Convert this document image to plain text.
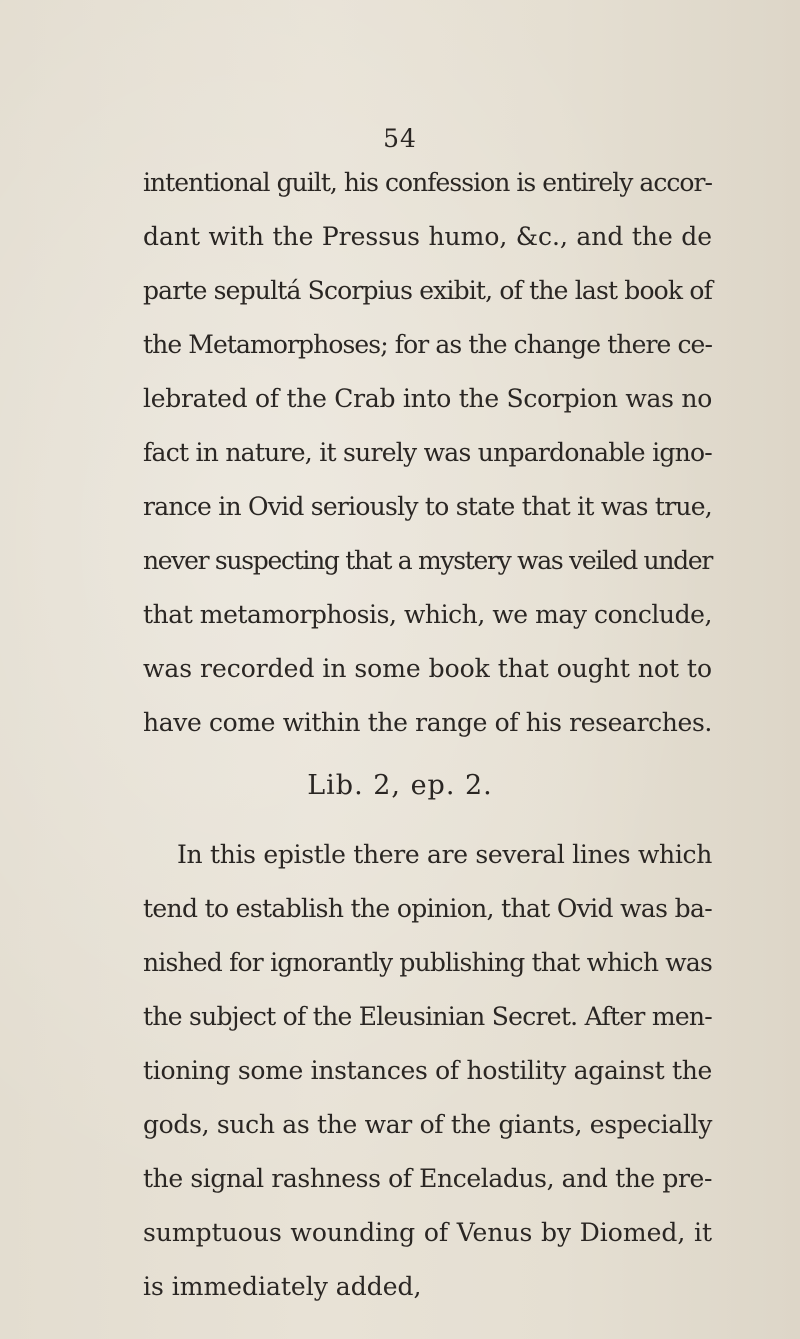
54
intentional guilt, his confession is entirely accor-
dant with the Pressus humo, &c., and the de
parte sepultá Scorpius exibit, of the last book of
the Metamorphoses; for as the change there ce-
lebrated of the Crab into the Scorpion was no
fact in nature, it surely was unpardonable igno-
rance in Ovid seriously to state that it was true,
never suspecting that a mystery was veiled under
that metamorphosis, which, we may conclude,
was recorded in some book that ought not to
have come within the range of his researches.
Lib. 2, ep. 2.
In this epistle there are several lines which
tend to establish the opinion, that Ovid was ba-
nished for ignorantly publishing that which was
the subject of the Eleusinian Secret. After men-
tioning some instances of hostility against the
gods, such as the war of the giants, especially
the signal rashness of Enceladus, and the pre-
sumptuous wounding of Venus by Diomed, it
is immediately added,
